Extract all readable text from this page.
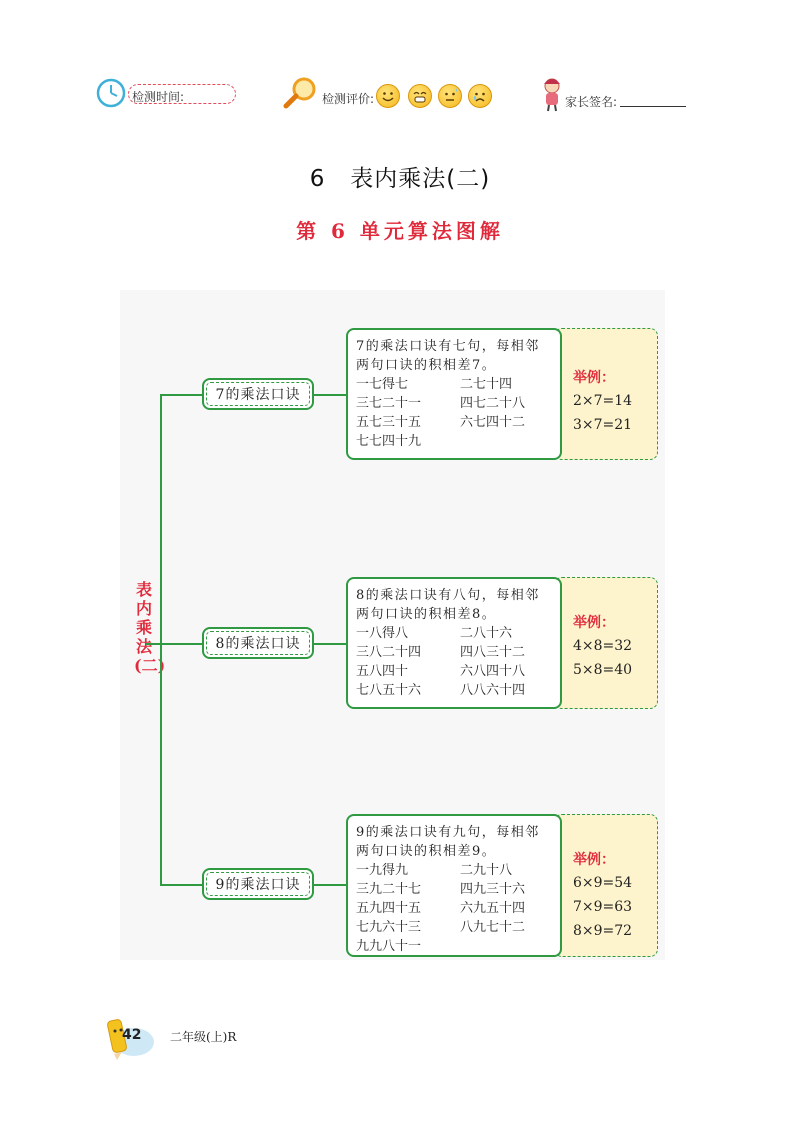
检测时间:	检测评价:	家长签名:
6   表内乘法(二)
第 6 单元算法图解
表内乘法(二)
7的乘法口诀
7的乘法口诀有七句，每相邻两句口诀的积相差7。
一七得七	二七十四
三七二十一	四七二十八
五七三十五	六七四十二
七七四十九
举例：
2×7=14
3×7=21
8的乘法口诀
8的乘法口诀有八句，每相邻两句口诀的积相差8。
一八得八	二八十六
三八二十四	四八三十二
五八四十	六八四十八
七八五十六	八八六十四
举例：
4×8=32
5×8=40
9的乘法口诀
9的乘法口诀有九句，每相邻两句口诀的积相差9。
一九得九	二九十八
三九二十七	四九三十六
五九四十五	六九五十四
七九六十三	八九七十二
九九八十一
举例：
6×9=54
7×9=63
8×9=72
42 二年级(上)R
